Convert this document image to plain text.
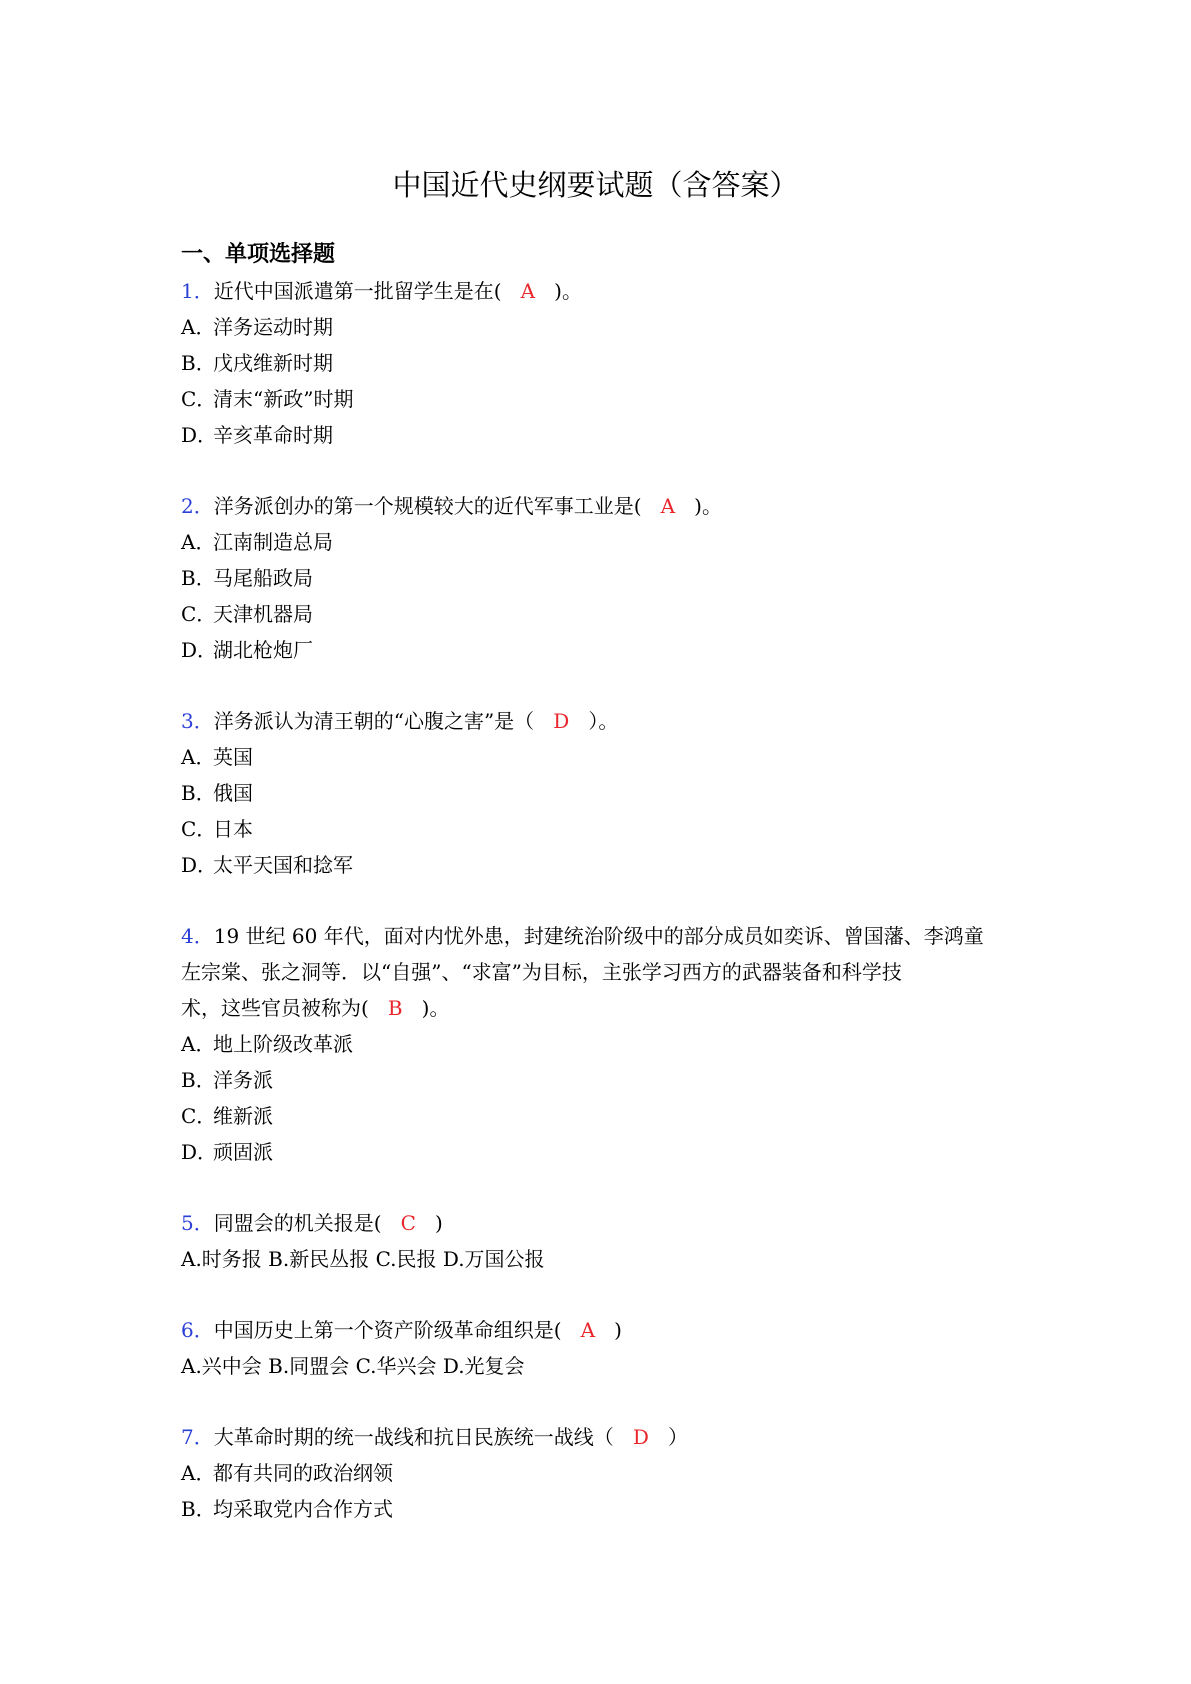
中国近代史纲要试题（含答案）
一、单项选择题
1．近代中国派遣第一批留学生是在( A )。
A．洋务运动时期
B．戊戌维新时期
C．清末“新政”时期
D．辛亥革命时期
2．洋务派创办的第一个规模较大的近代军事工业是( A )。
A．江南制造总局
B．马尾船政局
C．天津机器局
D．湖北枪炮厂
3．洋务派认为清王朝的“心腹之害”是（ D ）。
A．英国
B．俄国
C．日本
D．太平天国和捻军
4．19 世纪 60 年代，面对内忧外患，封建统治阶级中的部分成员如奕诉、曾国藩、李鸿童
左宗棠、张之洞等．以“自强”、“求富”为目标，主张学习西方的武器装备和科学技
术，这些官员被称为( B )。
A．地上阶级改革派
B．洋务派
C．维新派
D．顽固派
5．同盟会的机关报是( C )
A.时务报 B.新民丛报 C.民报 D.万国公报
6．中国历史上第一个资产阶级革命组织是( A )
A.兴中会 B.同盟会 C.华兴会 D.光复会
7．大革命时期的统一战线和抗日民族统一战线（ D ）
A．都有共同的政治纲领
B．均采取党内合作方式
